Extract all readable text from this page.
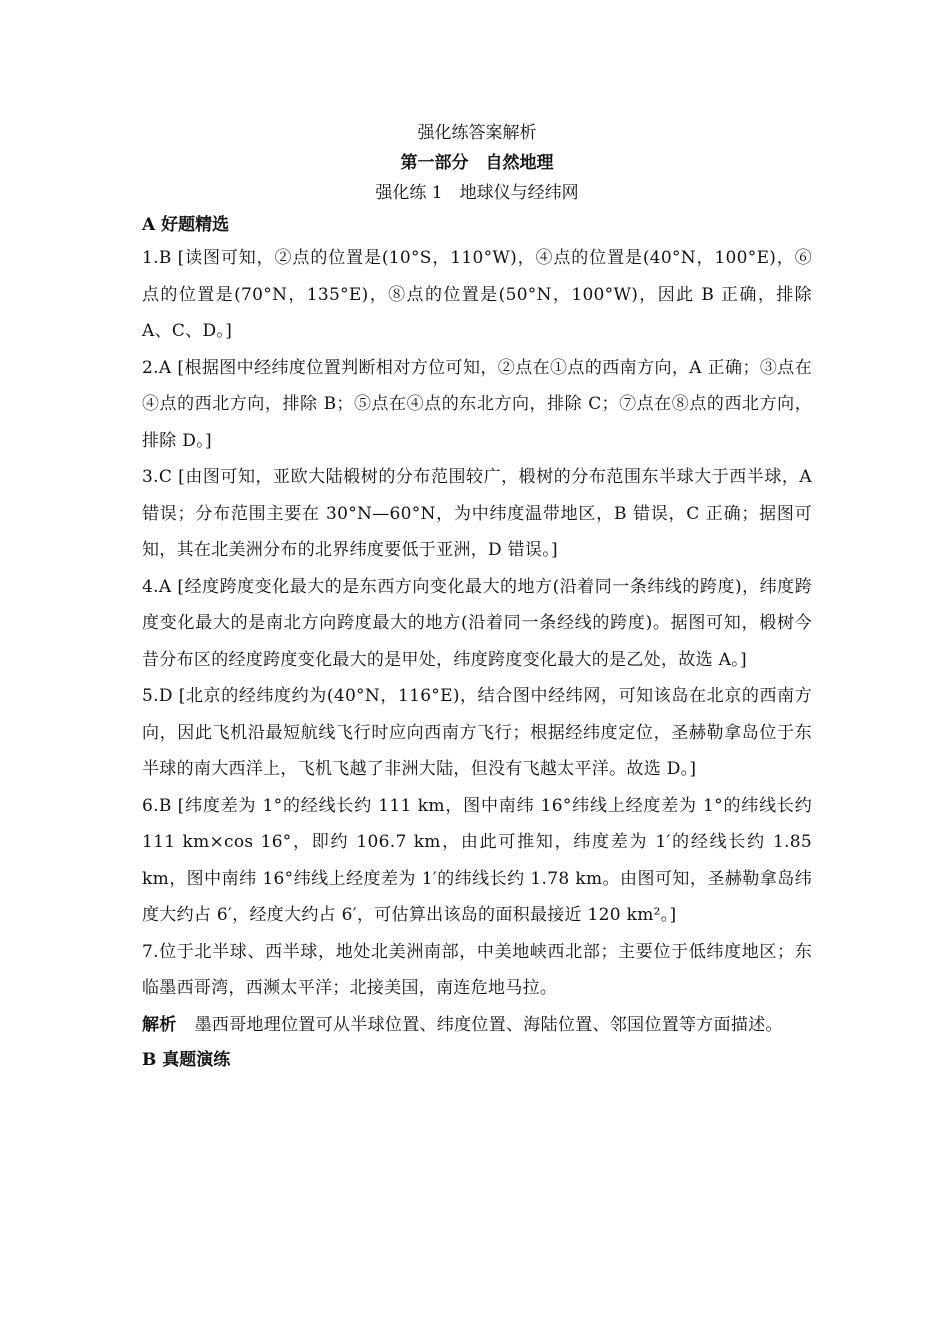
强化练答案解析
第一部分　自然地理
强化练 1　地球仪与经纬网
A 好题精选

1.B [读图可知，②点的位置是(10°S，110°W)，④点的位置是(40°N，100°E)，⑥点的位置是(70°N，135°E)，⑧点的位置是(50°N，100°W)，因此 B 正确，排除 A、C、D。]

2.A [根据图中经纬度位置判断相对方位可知，②点在①点的西南方向，A 正确；③点在④点的西北方向，排除 B；⑤点在④点的东北方向，排除 C；⑦点在⑧点的西北方向，排除 D。]

3.C [由图可知，亚欧大陆椴树的分布范围较广，椴树的分布范围东半球大于西半球，A 错误；分布范围主要在 30°N—60°N，为中纬度温带地区，B 错误，C 正确；据图可知，其在北美洲分布的北界纬度要低于亚洲，D 错误。]

4.A [经度跨度变化最大的是东西方向变化最大的地方(沿着同一条纬线的跨度)，纬度跨度变化最大的是南北方向跨度最大的地方(沿着同一条经线的跨度)。据图可知，椴树今昔分布区的经度跨度变化最大的是甲处，纬度跨度变化最大的是乙处，故选 A。]

5.D [北京的经纬度约为(40°N，116°E)，结合图中经纬网，可知该岛在北京的西南方向，因此飞机沿最短航线飞行时应向西南方飞行；根据经纬度定位，圣赫勒拿岛位于东半球的南大西洋上，飞机飞越了非洲大陆，但没有飞越太平洋。故选 D。]

6.B [纬度差为 1°的经线长约 111 km，图中南纬 16°纬线上经度差为 1°的纬线长约 111 km×cos 16°，即约 106.7 km，由此可推知，纬度差为 1′的经线长约 1.85 km，图中南纬 16°纬线上经度差为 1′的纬线长约 1.78 km。由图可知，圣赫勒拿岛纬度大约占 6′，经度大约占 6′，可估算出该岛的面积最接近 120 km²。]

7.位于北半球、西半球，地处北美洲南部，中美地峡西北部；主要位于低纬度地区；东临墨西哥湾，西濒太平洋；北接美国，南连危地马拉。

解析 墨西哥地理位置可从半球位置、纬度位置、海陆位置、邻国位置等方面描述。

B 真题演练
